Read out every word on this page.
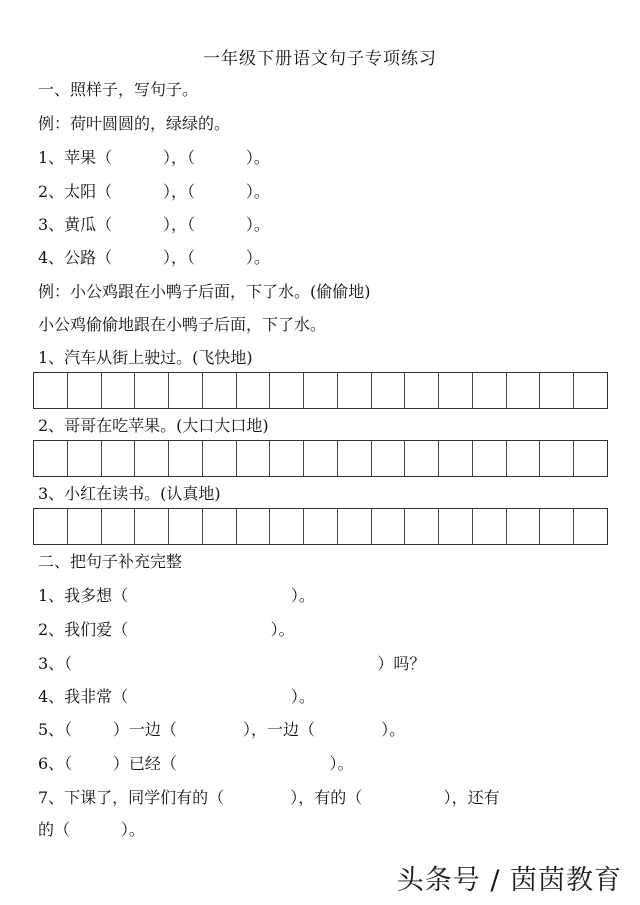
一年级下册语文句子专项练习
一、照样子，写句子。
例：荷叶圆圆的，绿绿的。
1、苹果（          ），（          ）。
2、太阳（          ），（          ）。
3、黄瓜（          ），（          ）。
4、公路（          ），（          ）。
例：小公鸡跟在小鸭子后面，下了水。(偷偷地)
小公鸡偷偷地跟在小鸭子后面，下了水。
1、汽车从街上驶过。(飞快地)
2、哥哥在吃苹果。(大口大口地)
3、小红在读书。(认真地)
二、把句子补充完整
1、我多想（                                ）。
2、我们爱（                            ）。
3、（                                                            ）吗？
4、我非常（                                ）。
5、（        ）一边（             ），一边（             ）。
6、（        ）已经（                              ）。
7、下课了，同学们有的（             ），有的（                ），还有
的（          ）。
头条号 / 茵茵教育
